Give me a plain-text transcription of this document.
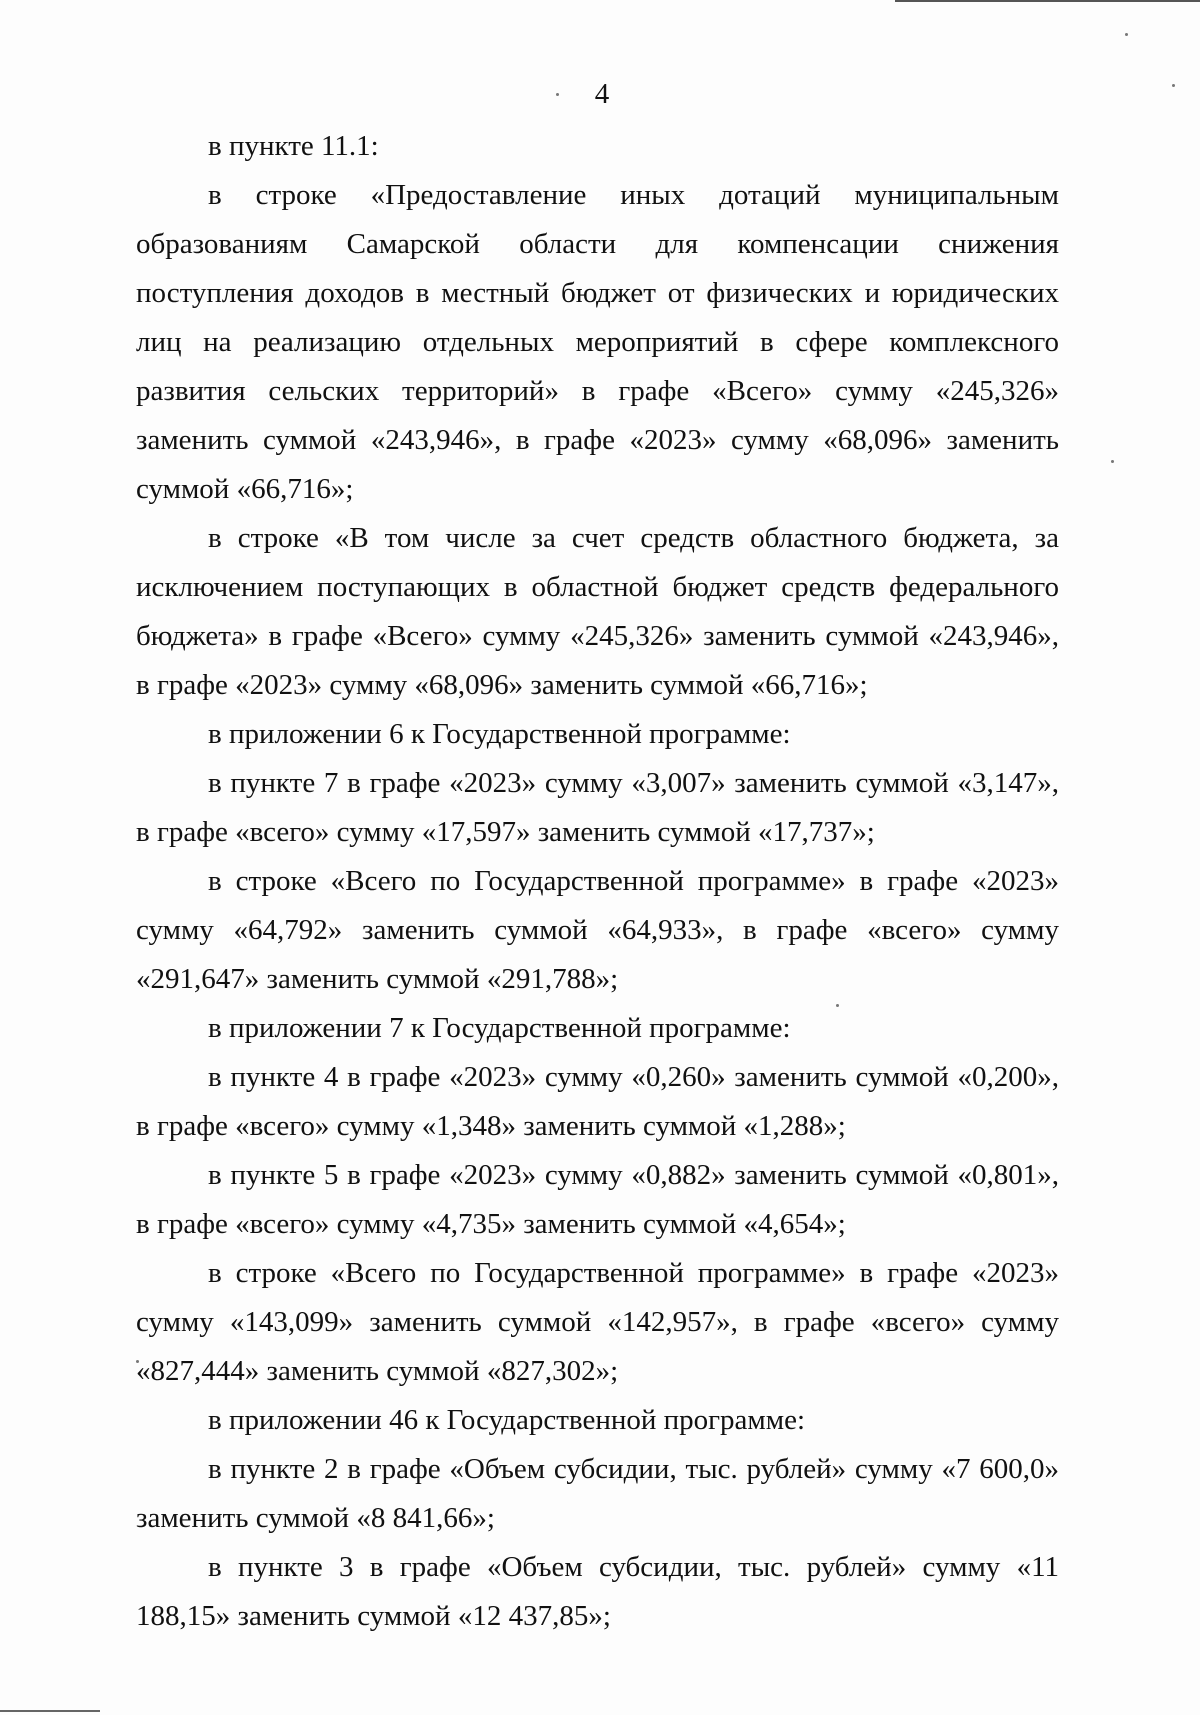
4

в пункте 11.1:

в строке «Предоставление иных дотаций муниципальным образованиям Самарской области для компенсации снижения поступления доходов в местный бюджет от физических и юридических лиц на реализацию отдельных мероприятий в сфере комплексного развития сельских территорий» в графе «Всего» сумму «245,326» заменить суммой «243,946», в графе «2023» сумму «68,096» заменить суммой «66,716»;

в строке «В том числе за счет средств областного бюджета, за исключением поступающих в областной бюджет средств федерального бюджета» в графе «Всего» сумму «245,326» заменить суммой «243,946», в графе «2023» сумму «68,096» заменить суммой «66,716»;

в приложении 6 к Государственной программе:

в пункте 7 в графе «2023» сумму «3,007» заменить суммой «3,147», в графе «всего» сумму «17,597» заменить суммой «17,737»;

в строке «Всего по Государственной программе» в графе «2023» сумму «64,792» заменить суммой «64,933», в графе «всего» сумму «291,647» заменить суммой «291,788»;

в приложении 7 к Государственной программе:

в пункте 4 в графе «2023» сумму «0,260» заменить суммой «0,200», в графе «всего» сумму «1,348» заменить суммой «1,288»;

в пункте 5 в графе «2023» сумму «0,882» заменить суммой «0,801», в графе «всего» сумму «4,735» заменить суммой «4,654»;

в строке «Всего по Государственной программе» в графе «2023» сумму «143,099» заменить суммой «142,957», в графе «всего» сумму «827,444» заменить суммой «827,302»;

в приложении 46 к Государственной программе:

в пункте 2 в графе «Объем субсидии, тыс. рублей» сумму «7 600,0» заменить суммой «8 841,66»;

в пункте 3 в графе «Объем субсидии, тыс. рублей» сумму «11 188,15» заменить суммой «12 437,85»;
